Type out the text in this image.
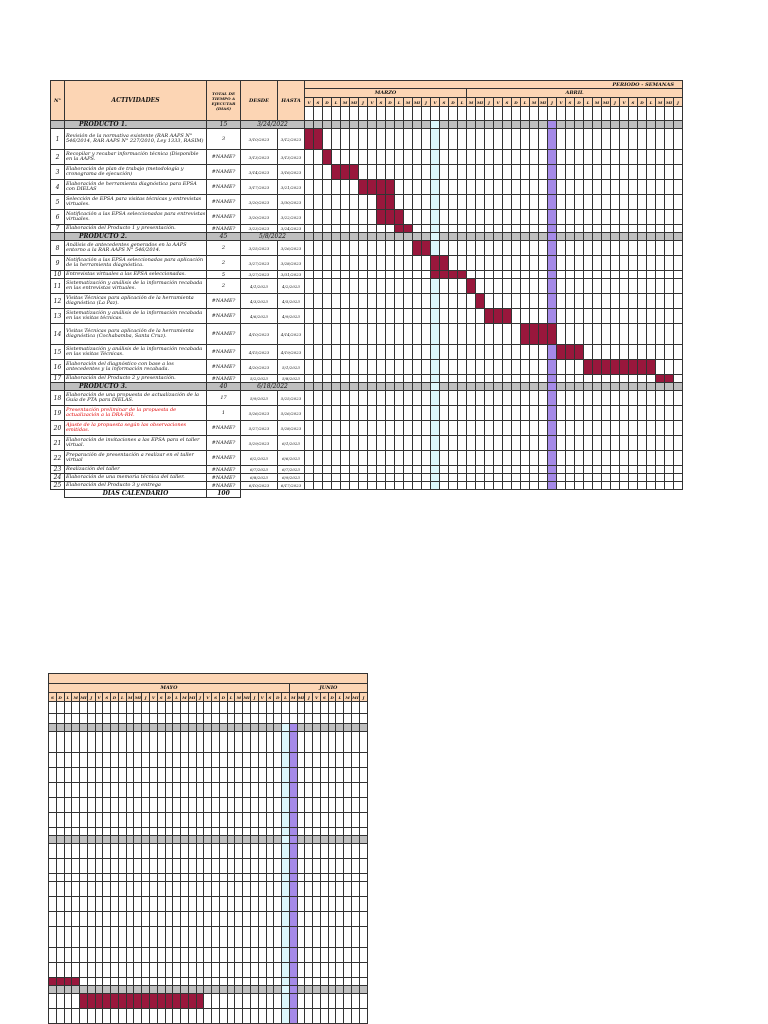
N°	ACTIVIDADES	TOTAL DE TIEMPO A EJECUTAR (DIAS)	DESDE	HASTA	PERIODO - SEMANAS																																									
					MARZO																		ABRIL																							
					V	S	D	L	M	MI	J	V	S	D	L	M	MI	J	V	S	D	L	M	MI	J	V	S	D	L	M	MI	J	V	S	D	L	M	MI	J	V	S	D	L	M	MI	J

	PRODUCTO 1.	15	3/24/2022																																											
1	Revisión de la normativa existente (RAR AAPS N° 546/2014, RAR AAPS N° 227/2010, Ley 1333, RASIM)	3	3/10/2023	3/12/2023																																										
2	Recopilar y recabar información técnica (Disponible en la AAPS.	#NAME?	3/13/2023	3/13/2023																																										
3	Elaboración de plan de trabajo (metodología y cronograma de ejecución)	#NAME?	3/14/2023	3/16/2023																																										
4	Elaboración de herramienta diagnóstica para EPSA con DIELAS	#NAME?	3/17/2023	3/21/2023																																										
5	Selección de EPSA para visitas técnicas y entrevistas virtuales.	#NAME?	3/20/2023	3/30/2023																																										
6	Notificación a las EPSA seleccionadas para entrevistas virtuales.	#NAME?	3/20/2023	3/22/2023																																										
7	Elaboración del Producto 1 y presentación.	#NAME?	3/23/2023	3/24/2023																																										
	PRODUCTO 2.	45	5/8/2022																																											
8	Análisis de antecedentes generados en la AAPS entorno a la RAR AAPS N° 546/2014.	2	3/25/2023	3/26/2023																																										
9	Notificación a las EPSA seleccionadas para aplicación de la herramienta diagnóstica.	2	3/27/2023	3/28/2023																																										
10	Entrevistas virtuales a las EPSA seleccionadas.	5	3/27/2023	3/31/2023																																										
11	Sistematización y análisis de la información recabada en las entrevistas virtuales.	2	4/1/2023	4/2/2023																																										
12	Visitas Técnicas para aplicación de la herramienta diagnóstica (La Paz).	#NAME?	4/3/2023	4/5/2023																																										
13	Sistematización y análisis de la información recabada en las visitas técnicas.	#NAME?	4/6/2023	4/9/2023																																										
14	Visitas Técnicas para aplicación de la herramienta diagnóstica (Cochabamba, Santa Cruz).	#NAME?	4/10/2023	4/14/2023																																										
15	Sistematización y análisis de la información recabada en las visitas Técnicas.	#NAME?	4/15/2023	4/19/2023																																										
16	Elaboración del diagnóstico con base a los antecedentes y la información recabada.	#NAME?	4/20/2023	5/1/2023																																										
17	Elaboración del Producto 2 y presentación.	#NAME?	5/2/2023	5/8/2023																																										
	PRODUCTO 3.	40	6/18/2022																																											
18	Elaboración de una propuesta de actualización de la Guía de PTA para DIELAS.	17	5/9/2023	5/25/2023																																										
19	Presentación preliminar de la propuesta de actualización a la DRA-RH.	1	5/26/2023	5/26/2023																																										
20	Ajuste de la propuesta según las observaciones emitidas.	#NAME?	5/27/2023	5/28/2023																																										
21	Elaboración de invitaciones a las EPSA para el taller virtual.	#NAME?	5/29/2023	6/1/2023																																										
22	Preparación de presentación a realizar en el taller virtual	#NAME?	6/2/2023	6/6/2023																																										
23	Realización del taller	#NAME?	6/7/2023	6/7/2023																																										
24	Elaboración de una memoria técnica del taller.	#NAME?	6/8/2023	6/9/2023																																										
25	Elaboración del Producto 3 y entrega	#NAME?	6/10/2023	6/17/2023																																										
	DIAS CALENDARIO	100																																												

MAYO																															JUNIO									
S	D	L	M	MI	J	V	S	D	L	M	MI	J	V	S	D	L	M	MI	J	V	S	D	L	M	MI	J	V	S	D	L	M	MI	J	V	S	D	L	M	MI	J
